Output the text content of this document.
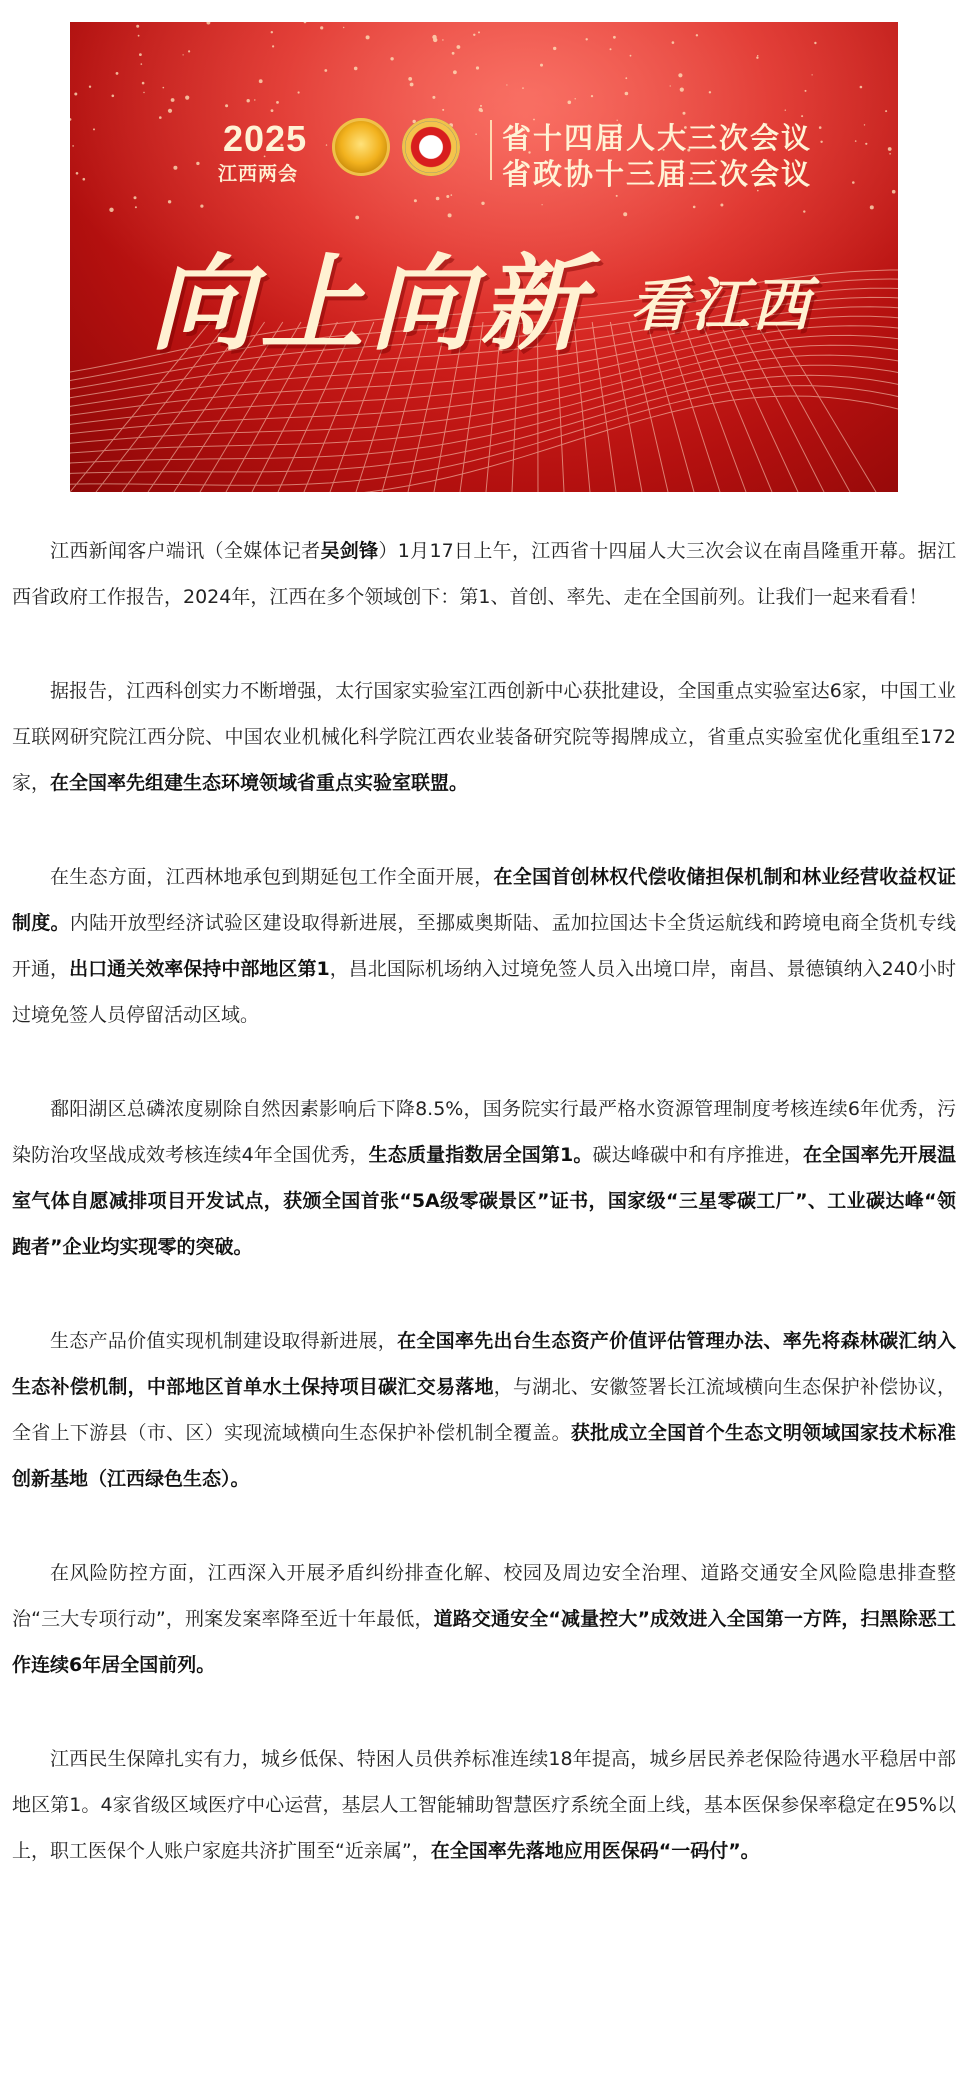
2025
江西两会
省十四届人大三次会议
省政协十三届三次会议
向上向新 看江西

江西新闻客户端讯（全媒体记者吴剑锋）1月17日上午，江西省十四届人大三次会议在南昌隆重开幕。据江西省政府工作报告，2024年，江西在多个领域创下：第1、首创、率先、走在全国前列。让我们一起来看看！

据报告，江西科创实力不断增强，太行国家实验室江西创新中心获批建设，全国重点实验室达6家，中国工业互联网研究院江西分院、中国农业机械化科学院江西农业装备研究院等揭牌成立，省重点实验室优化重组至172家，在全国率先组建生态环境领域省重点实验室联盟。

在生态方面，江西林地承包到期延包工作全面开展，在全国首创林权代偿收储担保机制和林业经营收益权证制度。内陆开放型经济试验区建设取得新进展，至挪威奥斯陆、孟加拉国达卡全货运航线和跨境电商全货机专线开通，出口通关效率保持中部地区第1，昌北国际机场纳入过境免签人员入出境口岸，南昌、景德镇纳入240小时过境免签人员停留活动区域。

鄱阳湖区总磷浓度剔除自然因素影响后下降8.5%，国务院实行最严格水资源管理制度考核连续6年优秀，污染防治攻坚战成效考核连续4年全国优秀，生态质量指数居全国第1。碳达峰碳中和有序推进，在全国率先开展温室气体自愿减排项目开发试点，获颁全国首张“5A级零碳景区”证书，国家级“三星零碳工厂”、工业碳达峰“领跑者”企业均实现零的突破。

生态产品价值实现机制建设取得新进展，在全国率先出台生态资产价值评估管理办法、率先将森林碳汇纳入生态补偿机制，中部地区首单水土保持项目碳汇交易落地，与湖北、安徽签署长江流域横向生态保护补偿协议，全省上下游县（市、区）实现流域横向生态保护补偿机制全覆盖。获批成立全国首个生态文明领域国家技术标准创新基地（江西绿色生态）。

在风险防控方面，江西深入开展矛盾纠纷排查化解、校园及周边安全治理、道路交通安全风险隐患排查整治“三大专项行动”，刑案发案率降至近十年最低，道路交通安全“减量控大”成效进入全国第一方阵，扫黑除恶工作连续6年居全国前列。

江西民生保障扎实有力，城乡低保、特困人员供养标准连续18年提高，城乡居民养老保险待遇水平稳居中部地区第1。4家省级区域医疗中心运营，基层人工智能辅助智慧医疗系统全面上线，基本医保参保率稳定在95%以上，职工医保个人账户家庭共济扩围至“近亲属”，在全国率先落地应用医保码“一码付”。
